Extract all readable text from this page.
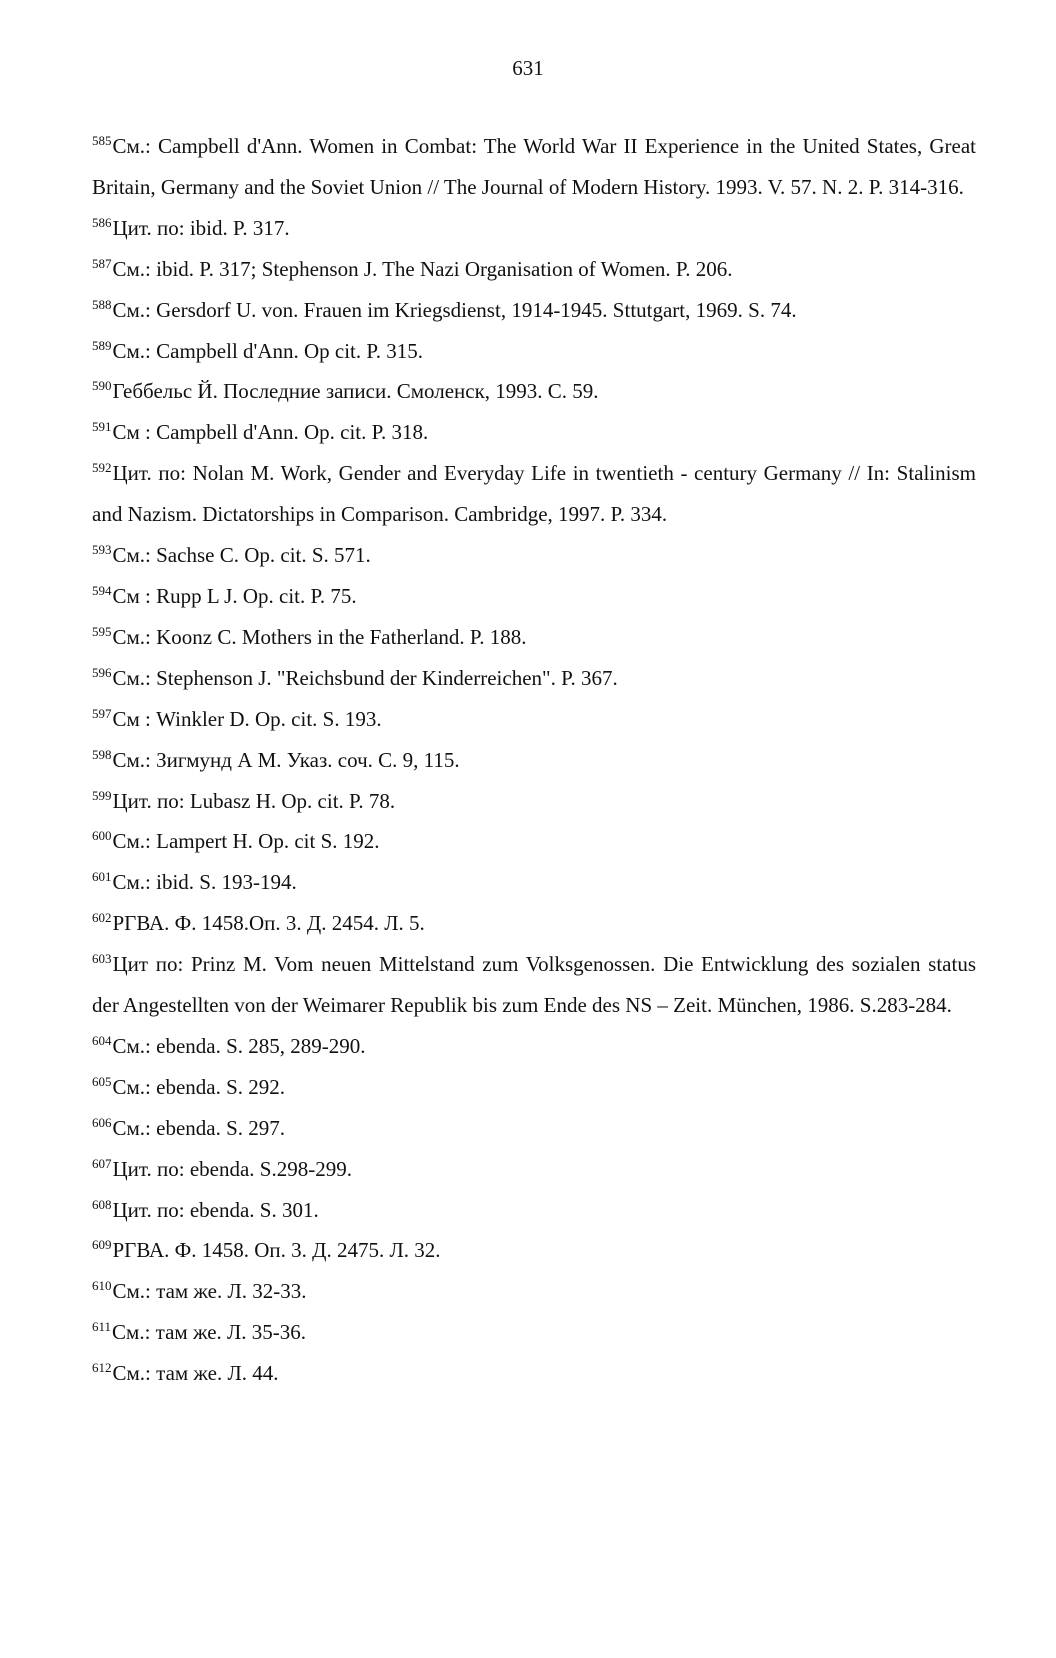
631
$^{585}$См.: Campbell d'Ann. Women in Combat: The World War II Experience in the United States, Great Britain, Germany and the Soviet Union // The Journal of Modern History. 1993. V. 57. N. 2. P. 314-316.
$^{586}$Цит. по: ibid. P. 317.
$^{587}$См.: ibid. P. 317; Stephenson J. The Nazi Organisation of Women. P. 206.
$^{588}$См.: Gersdorf U. von. Frauen im Kriegsdienst, 1914-1945. Sttutgart, 1969. S. 74.
$^{589}$См.: Campbell d'Ann. Op cit. P. 315.
$^{590}$Геббельс Й. Последние записи. Смоленск, 1993. С. 59.
$^{591}$См : Campbell d'Ann. Op. cit. P. 318.
$^{592}$Цит. по: Nolan M. Work, Gender and Everyday Life in twentieth - century Germany // In: Stalinism and Nazism. Dictatorships in Comparison. Cambridge, 1997. P. 334.
$^{593}$См.: Sachse C. Op. cit. S. 571.
$^{594}$См : Rupp L J. Op. cit. P. 75.
$^{595}$См.: Koonz C. Mothers in the Fatherland. P. 188.
$^{596}$См.: Stephenson J. "Reichsbund der Kinderreichen". P. 367.
$^{597}$См : Winkler D. Op. cit. S. 193.
$^{598}$См.: Зигмунд А М. Указ. соч. С. 9, 115.
$^{599}$Цит. по: Lubasz H. Op. cit. P. 78.
$^{600}$См.: Lampert H. Op. cit S. 192.
$^{601}$См.: ibid. S. 193-194.
$^{602}$РГВА. Ф. 1458.Оп. 3. Д. 2454. Л. 5.
$^{603}$Цит по: Prinz M. Vom neuen Mittelstand zum Volksgenossen. Die Entwicklung des sozialen status der Angestellten von der Weimarer Republik bis zum Ende des NS – Zeit. München, 1986. S.283-284.
$^{604}$См.: ebenda. S. 285, 289-290.
$^{605}$См.: ebenda. S. 292.
$^{606}$См.: ebenda. S. 297.
$^{607}$Цит. по: ebenda. S.298-299.
$^{608}$Цит. по: ebenda. S. 301.
$^{609}$РГВА. Ф. 1458. Оп. 3. Д. 2475. Л. 32.
$^{610}$См.: там же. Л. 32-33.
$^{611}$См.: там же. Л. 35-36.
$^{612}$См.: там же. Л. 44.
